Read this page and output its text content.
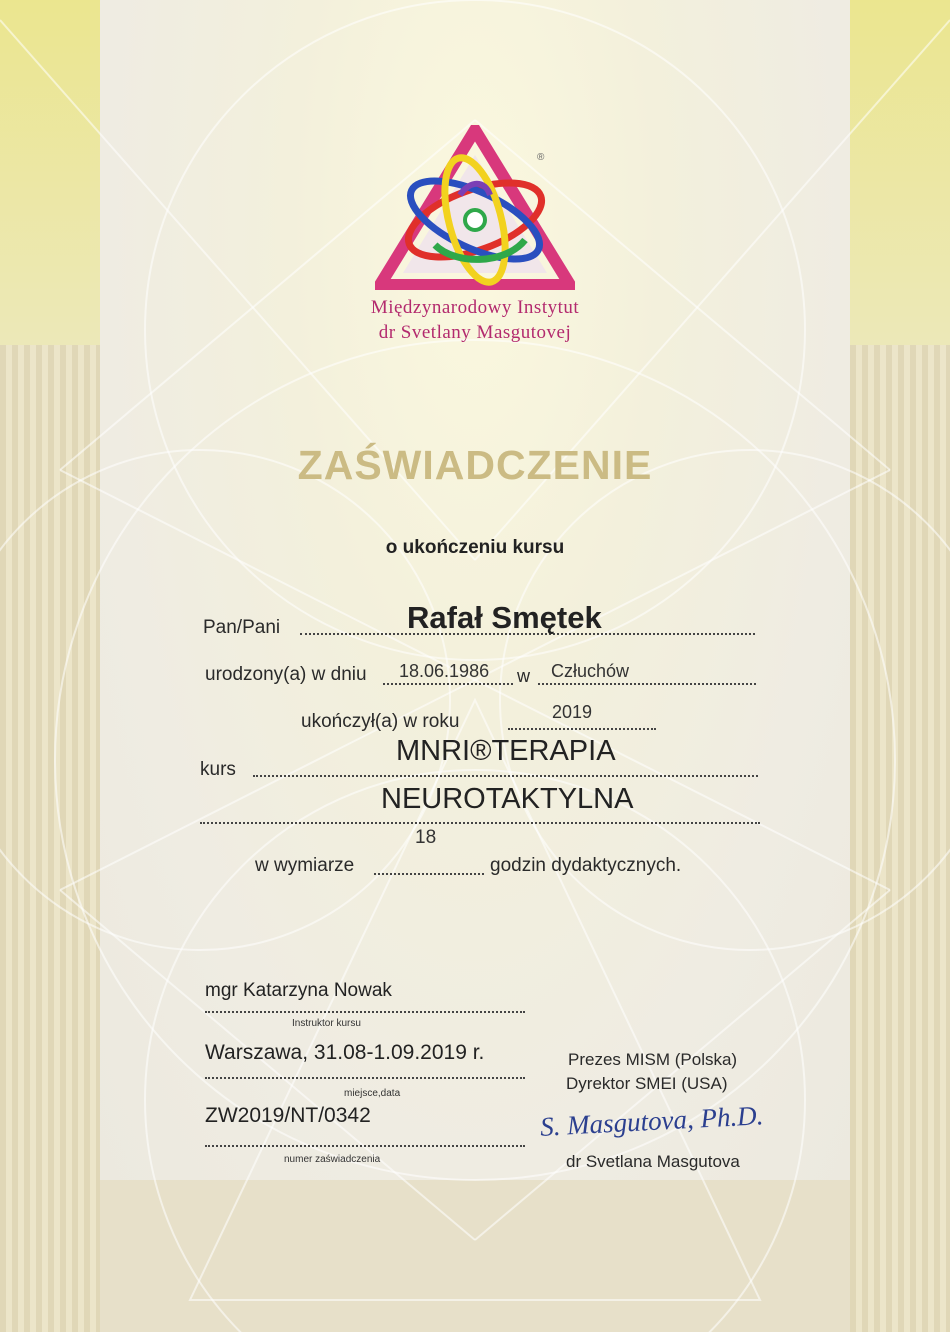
®
Międzynarodowy Instytut
dr Svetlany Masgutovej
ZAŚWIADCZENIE
o ukończeniu kursu
Pan/Pani	Rafał Smętek
urodzony(a) w dniu 18.06.1986 w Człuchów
ukończył(a) w roku	2019
kurs
MNRI®TERAPIA
NEUROTAKTYLNA
18
w wymiarze	godzin dydaktycznych.
mgr Katarzyna Nowak
Instruktor kursu
Warszawa, 31.08-1.09.2019 r.
miejsce,data
ZW2019/NT/0342
numer zaświadczenia
Prezes MISM (Polska)
Dyrektor SMEI (USA)
S. Masgutova, Ph.D.
dr Svetlana Masgutova
